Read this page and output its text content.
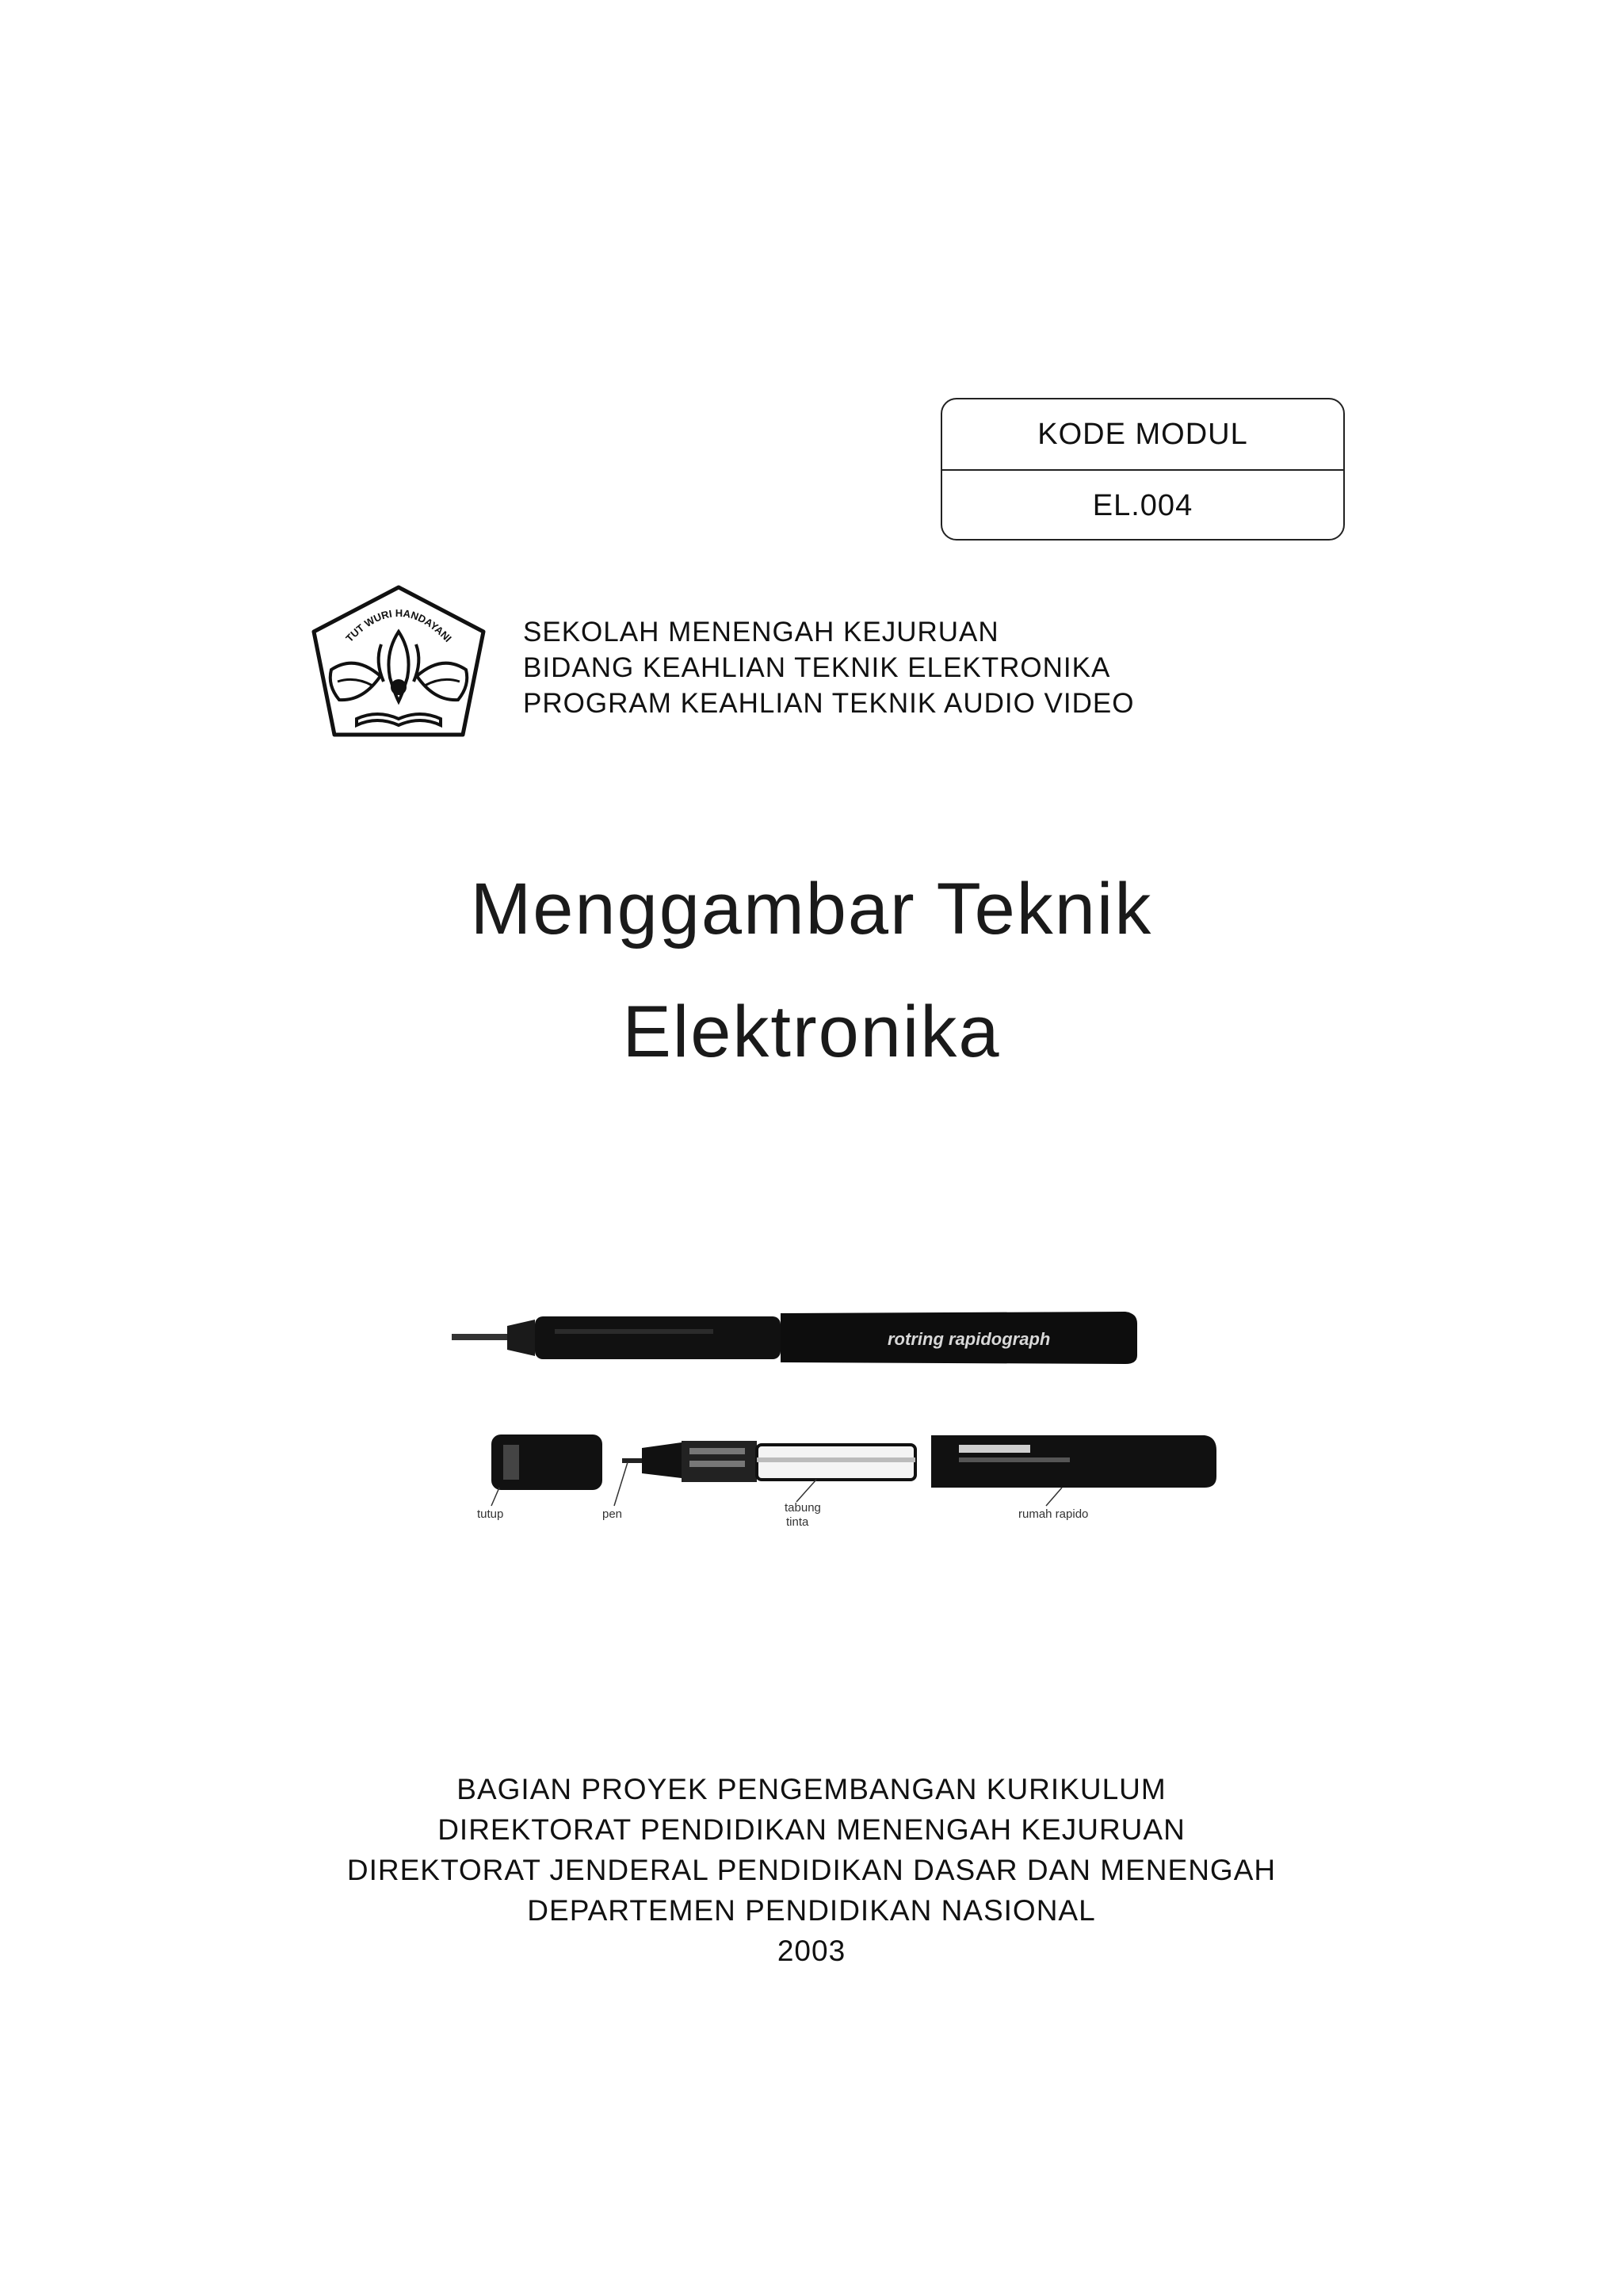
KODE MODUL
EL.004
TUT WURI HANDAYANI SEKOLAH MENENGAH KEJURUAN
BIDANG KEAHLIAN TEKNIK ELEKTRONIKA
PROGRAM KEAHLIAN TEKNIK AUDIO VIDEO
Menggambar Teknik
Elektronika
rotring rapidograph
tutup	pen	tabung
tinta
rumah rapido
BAGIAN PROYEK PENGEMBANGAN KURIKULUM
DIREKTORAT PENDIDIKAN MENENGAH KEJURUAN
DIREKTORAT JENDERAL PENDIDIKAN DASAR DAN MENENGAH
DEPARTEMEN PENDIDIKAN NASIONAL
2003
